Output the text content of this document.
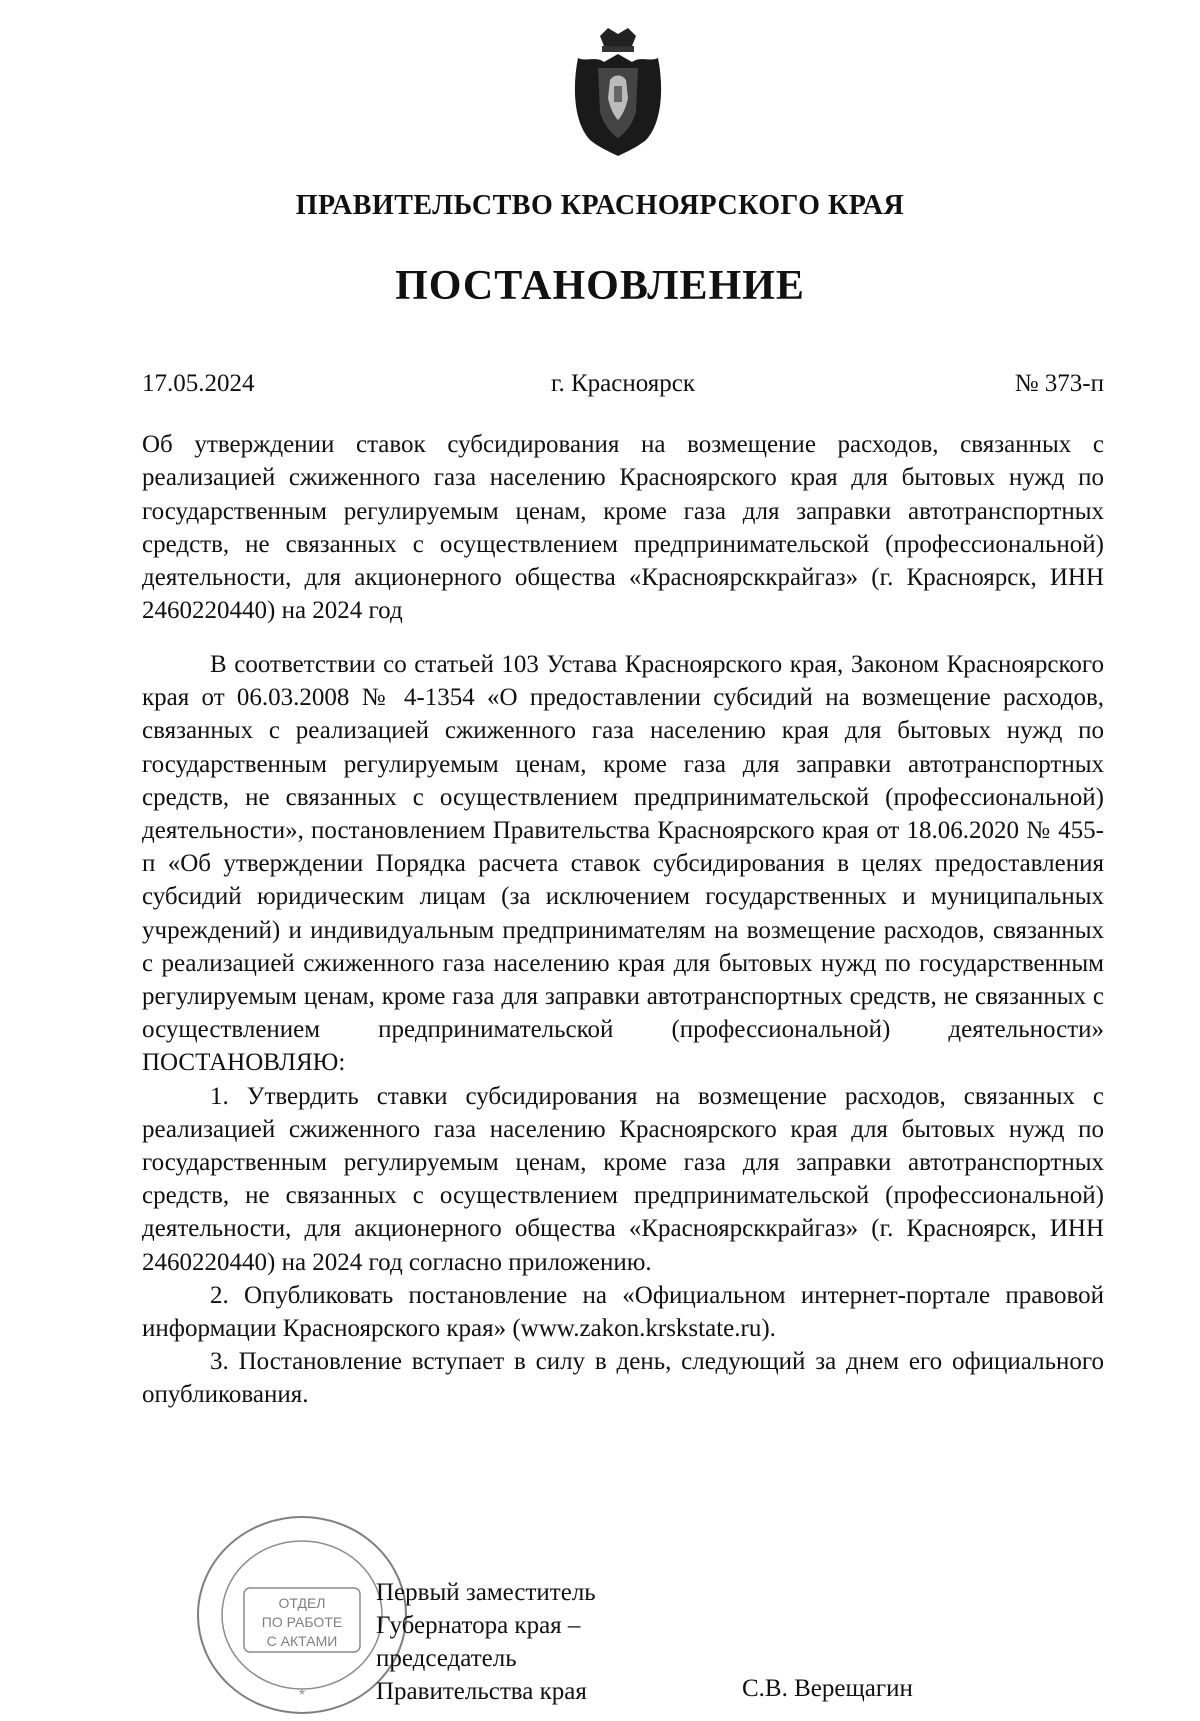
ПРАВИТЕЛЬСТВО КРАСНОЯРСКОГО КРАЯ
ПОСТАНОВЛЕНИЕ
17.05.2024	г. Красноярск	№ 373-п
Об утверждении ставок субсидирования на возмещение расходов, связанных с реализацией сжиженного газа населению Красноярского края для бытовых нужд по государственным регулируемым ценам, кроме газа для заправки автотранспортных средств, не связанных с осуществлением предпринимательской (профессиональной) деятельности, для акционерного общества «Красноярсккрайгаз» (г. Красноярск, ИНН 2460220440) на 2024 год

В соответствии со статьей 103 Устава Красноярского края, Законом Красноярского края от 06.03.2008 № 4-1354 «О предоставлении субсидий на возмещение расходов, связанных с реализацией сжиженного газа населению края для бытовых нужд по государственным регулируемым ценам, кроме газа для заправки автотранспортных средств, не связанных с осуществлением предпринимательской (профессиональной) деятельности», постановлением Правительства Красноярского края от 18.06.2020 № 455-п «Об утверждении Порядка расчета ставок субсидирования в целях предоставления субсидий юридическим лицам (за исключением государственных и муниципальных учреждений) и индивидуальным предпринимателям на возмещение расходов, связанных с реализацией сжиженного газа населению края для бытовых нужд по государственным регулируемым ценам, кроме газа для заправки автотранспортных средств, не связанных с осуществлением предпринимательской (профессиональной) деятельности» ПОСТАНОВЛЯЮ:

1. Утвердить ставки субсидирования на возмещение расходов, связанных с реализацией сжиженного газа населению Красноярского края для бытовых нужд по государственным регулируемым ценам, кроме газа для заправки автотранспортных средств, не связанных с осуществлением предпринимательской (профессиональной) деятельности, для акционерного общества «Красноярсккрайгаз» (г. Красноярск, ИНН 2460220440) на 2024 год согласно приложению.

2. Опубликовать постановление на «Официальном интернет-портале правовой информации Красноярского края» (www.zakon.krskstate.ru).

3. Постановление вступает в силу в день, следующий за днем его официального опубликования.

ОТДЕЛ
ПО РАБОТЕ
С АКТАМИ
*
Первый заместитель
Губернатора края –
председатель
Правительства края	С.В. Верещагин
